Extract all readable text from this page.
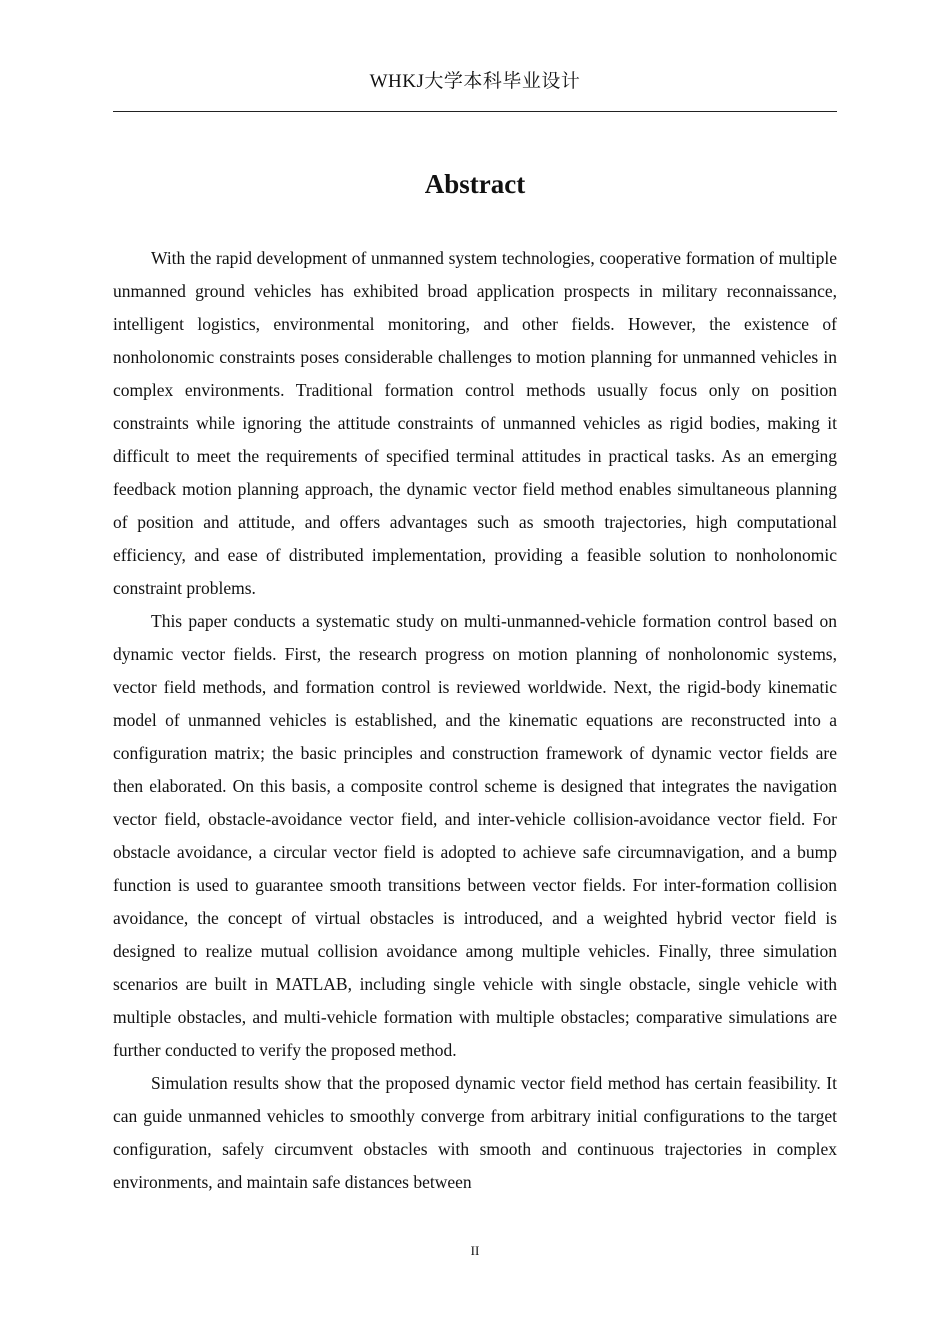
WHKJ大学本科毕业设计
Abstract

With the rapid development of unmanned system technologies, cooperative formation of multiple unmanned ground vehicles has exhibited broad application prospects in military reconnaissance, intelligent logistics, environmental monitoring, and other fields. However, the existence of nonholonomic constraints poses considerable challenges to motion planning for unmanned vehicles in complex environments. Traditional formation control methods usually focus only on position constraints while ignoring the attitude constraints of unmanned vehicles as rigid bodies, making it difficult to meet the requirements of specified terminal attitudes in practical tasks. As an emerging feedback motion planning approach, the dynamic vector field method enables simultaneous planning of position and attitude, and offers advantages such as smooth trajectories, high computational efficiency, and ease of distributed implementation, providing a feasible solution to nonholonomic constraint problems.

This paper conducts a systematic study on multi-unmanned-vehicle formation control based on dynamic vector fields. First, the research progress on motion planning of nonholonomic systems, vector field methods, and formation control is reviewed worldwide. Next, the rigid-body kinematic model of unmanned vehicles is established, and the kinematic equations are reconstructed into a configuration matrix; the basic principles and construction framework of dynamic vector fields are then elaborated. On this basis, a composite control scheme is designed that integrates the navigation vector field, obstacle-avoidance vector field, and inter-vehicle collision-avoidance vector field. For obstacle avoidance, a circular vector field is adopted to achieve safe circumnavigation, and a bump function is used to guarantee smooth transitions between vector fields. For inter-formation collision avoidance, the concept of virtual obstacles is introduced, and a weighted hybrid vector field is designed to realize mutual collision avoidance among multiple vehicles. Finally, three simulation scenarios are built in MATLAB, including single vehicle with single obstacle, single vehicle with multiple obstacles, and multi-vehicle formation with multiple obstacles; comparative simulations are further conducted to verify the proposed method.

Simulation results show that the proposed dynamic vector field method has certain feasibility. It can guide unmanned vehicles to smoothly converge from arbitrary initial configurations to the target configuration, safely circumvent obstacles with smooth and continuous trajectories in complex environments, and maintain safe distances between

II
